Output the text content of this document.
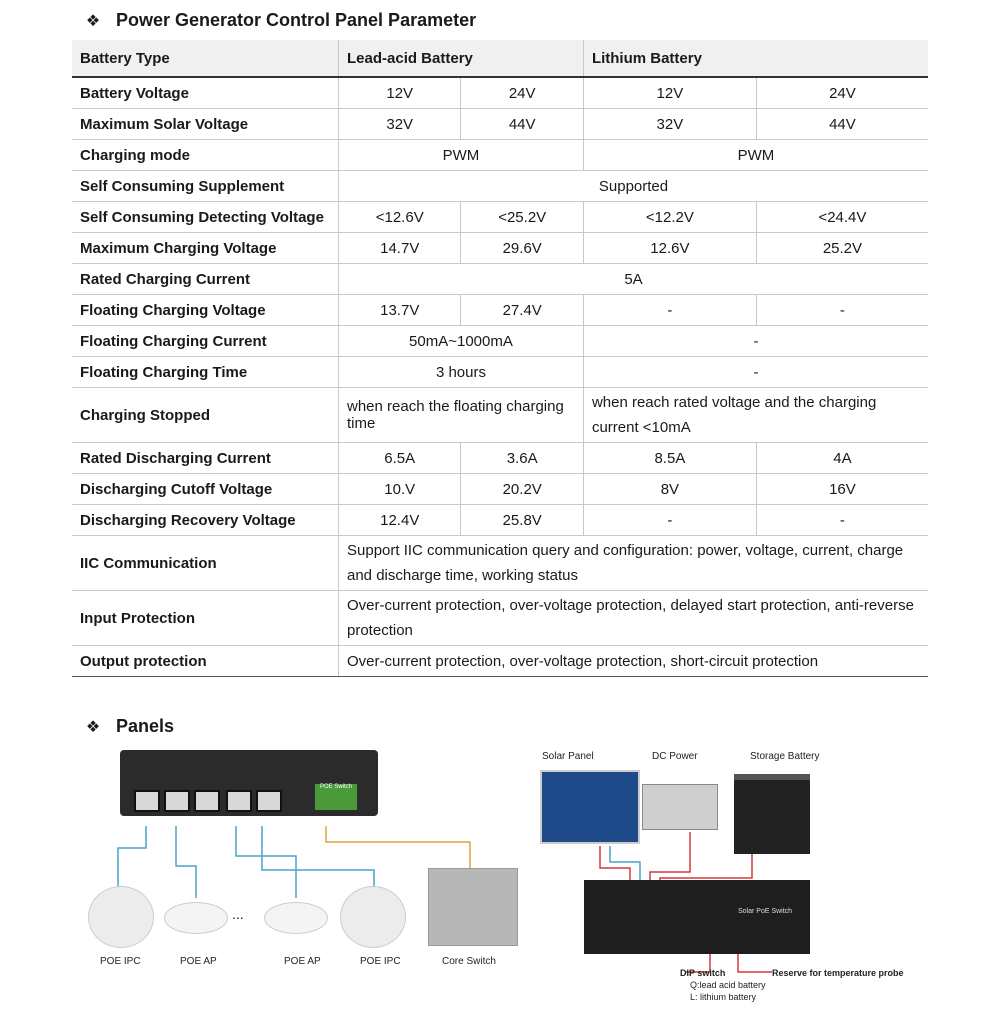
❖ Power Generator Control Panel Parameter
Battery Type	Lead-acid Battery		Lithium Battery	
Battery Voltage	12V	24V	12V	24V
Maximum Solar Voltage	32V	44V	32V	44V
Charging mode	PWM		PWM	
Self Consuming Supplement	Supported			
Self Consuming Detecting Voltage	<12.6V	<25.2V	<12.2V	<24.4V
Maximum Charging Voltage	14.7V	29.6V	12.6V	25.2V
Rated Charging Current	5A			
Floating Charging Voltage	13.7V	27.4V	-	-
Floating Charging Current	50mA~1000mA		-	
Floating Charging Time	3 hours		-	
Charging Stopped	when reach the floating charging time		when reach rated voltage and the charging current <10mA	
Rated Discharging Current	6.5A	3.6A	8.5A	4A
Discharging Cutoff Voltage	10.V	20.2V	8V	16V
Discharging Recovery Voltage	12.4V	25.8V	-	-
IIC Communication	Support IIC communication query and configuration: power, voltage, current, charge and discharge time, working status			
Input Protection	Over-current protection, over-voltage protection, delayed start protection, anti-reverse protection			
Output protection	Over-current protection, over-voltage protection, short-circuit protection			
❖ Panels
POE Switch
...
POE IPC	POE AP	POE AP	POE IPC	Core Switch
Solar Panel	DC Power	Storage Battery
Solar PoE Switch
DIP switch
Q:lead acid battery
L: lithium battery
Reserve for temperature probe
